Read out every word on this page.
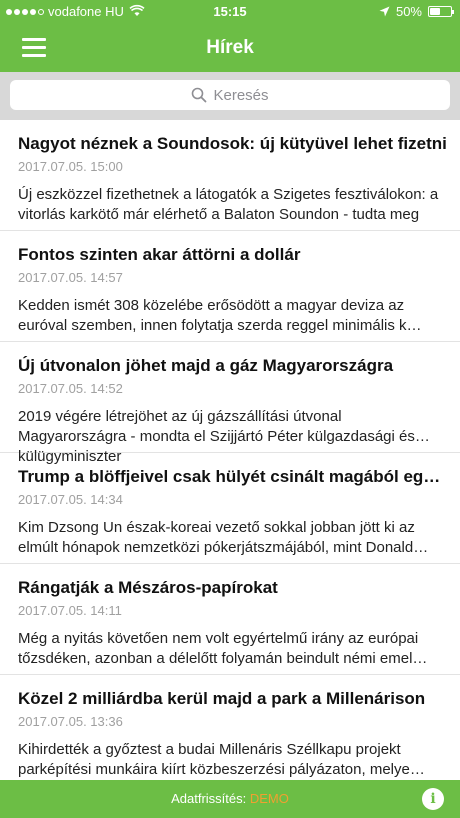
vodafone HU	15:15	50%
Hírek
Keresés
Nagyot néznek a Soundosok: új kütyüvel lehet fizetni
2017.07.05. 15:00
Új eszközzel fizethetnek a látogatók a Szigetes fesztiválokon: a vitorlás karkötő már elérhető a Balaton Soundon - tudta meg
Fontos szinten akar áttörni a dollár
2017.07.05. 14:57
Kedden ismét 308 közelébe erősödött a magyar deviza az euróval szemben, innen folytatja szerda reggel minimális k…
Új útvonalon jöhet majd a gáz Magyarországra
2017.07.05. 14:52
2019 végére létrejöhet az új gázszállítási útvonal Magyarországra - mondta el Szijjártó Péter külgazdasági és külügyminiszter
Trump a blöffjeivel csak hülyét csinált magából eg…
2017.07.05. 14:34
Kim Dzsong Un észak-koreai vezető sokkal jobban jött ki az elmúlt hónapok nemzetközi pókerjátszmájából, mint Donald…
Rángatják a Mészáros-papírokat
2017.07.05. 14:11
Még a nyitás követően nem volt egyértelmű irány az európai tőzsdéken, azonban a délelőtt folyamán beindult némi emel…
Közel 2 milliárdba kerül majd a park a Millenárison
2017.07.05. 13:36
Kihirdették a győztest a budai Millenáris Széllkapu projekt parképítési munkáira kiírt közbeszerzési pályázaton, melye…
Adatfrissítés: DEMO	i
